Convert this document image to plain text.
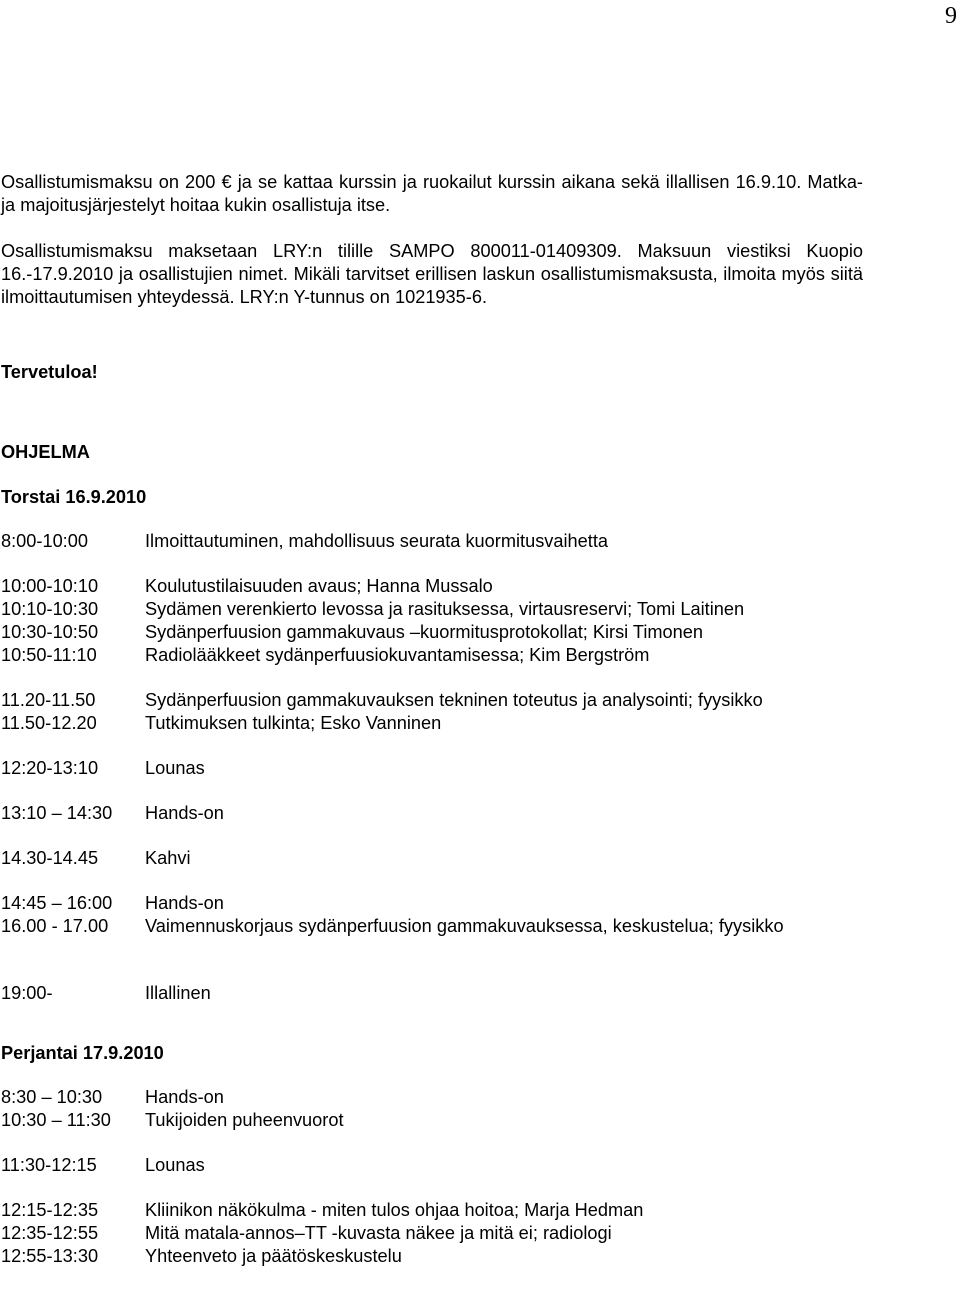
9

Osallistumismaksu on 200 € ja se kattaa kurssin ja ruokailut kurssin aikana sekä illallisen 16.9.10. Matka- ja majoitusjärjestelyt hoitaa kukin osallistuja itse.

Osallistumismaksu maksetaan LRY:n tilille SAMPO 800011-01409309. Maksuun viestiksi Kuopio 16.-17.9.2010 ja osallistujien nimet. Mikäli tarvitset erillisen laskun osallistumismaksusta, ilmoita myös siitä ilmoittautumisen yhteydessä. LRY:n Y-tunnus on 1021935-6.

Tervetuloa!

OHJELMA

Torstai 16.9.2010

8:00-10:00	Ilmoittautuminen, mahdollisuus seurata kuormitusvaihetta
10:00-10:10	Koulutustilaisuuden avaus; Hanna Mussalo
10:10-10:30	Sydämen verenkierto levossa ja rasituksessa, virtausreservi; Tomi Laitinen
10:30-10:50	Sydänperfuusion gammakuvaus –kuormitusprotokollat; Kirsi Timonen
10:50-11:10	Radiolääkkeet sydänperfuusiokuvantamisessa; Kim Bergström
11.20-11.50	Sydänperfuusion gammakuvauksen tekninen toteutus ja analysointi; fyysikko
11.50-12.20	Tutkimuksen tulkinta; Esko Vanninen
12:20-13:10	Lounas
13:10 – 14:30	Hands-on
14.30-14.45	Kahvi
14:45 – 16:00	Hands-on
16.00 - 17.00	Vaimennuskorjaus sydänperfuusion gammakuvauksessa, keskustelua; fyysikko
19:00-	Illallinen

Perjantai 17.9.2010

8:30 – 10:30	Hands-on
10:30 – 11:30	Tukijoiden puheenvuorot
11:30-12:15	Lounas
12:15-12:35	Kliinikon näkökulma - miten tulos ohjaa hoitoa; Marja Hedman
12:35-12:55	Mitä matala-annos–TT -kuvasta näkee ja mitä ei; radiologi
12:55-13:30	Yhteenveto ja päätöskeskustelu
